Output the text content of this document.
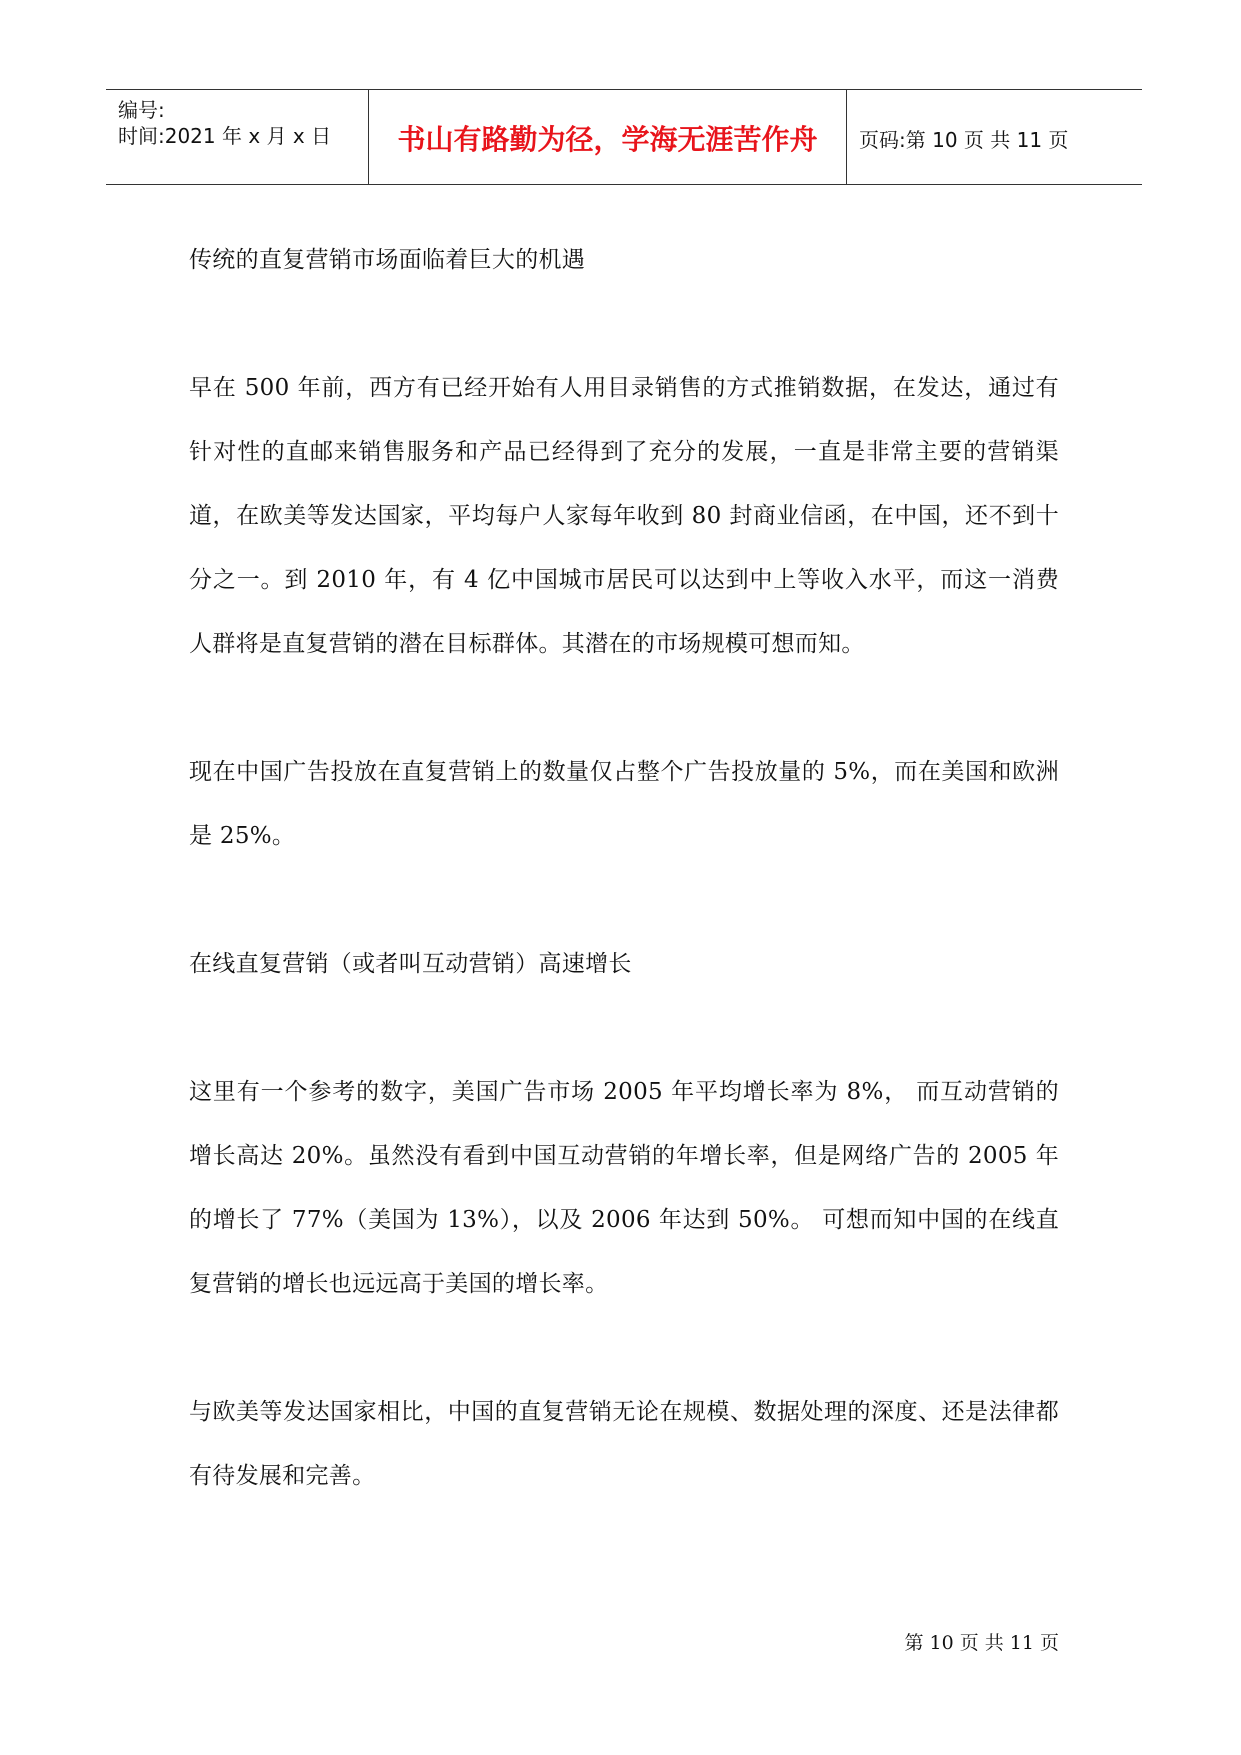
编号:
时间:2021 年 x 月 x 日	书山有路勤为径，学海无涯苦作舟	页码:第 10 页 共 11 页

传统的直复营销市场面临着巨大的机遇

早在 500 年前，西方有已经开始有人用目录销售的方式推销数据，在发达，通过有针对性的直邮来销售服务和产品已经得到了充分的发展，一直是非常主要的营销渠道，在欧美等发达国家，平均每户人家每年收到 80 封商业信函，在中国，还不到十分之一。到 2010 年，有 4 亿中国城市居民可以达到中上等收入水平，而这一消费人群将是直复营销的潜在目标群体。其潜在的市场规模可想而知。

现在中国广告投放在直复营销上的数量仅占整个广告投放量的 5%，而在美国和欧洲是 25%。

在线直复营销（或者叫互动营销）高速增长

这里有一个参考的数字，美国广告市场 2005 年平均增长率为 8%， 而互动营销的增长高达 20%。虽然没有看到中国互动营销的年增长率，但是网络广告的 2005 年的增长了 77%（美国为 13%），以及 2006 年达到 50%。 可想而知中国的在线直复营销的增长也远远高于美国的增长率。

与欧美等发达国家相比，中国的直复营销无论在规模、数据处理的深度、还是法律都有待发展和完善。

第 10 页 共 11 页
